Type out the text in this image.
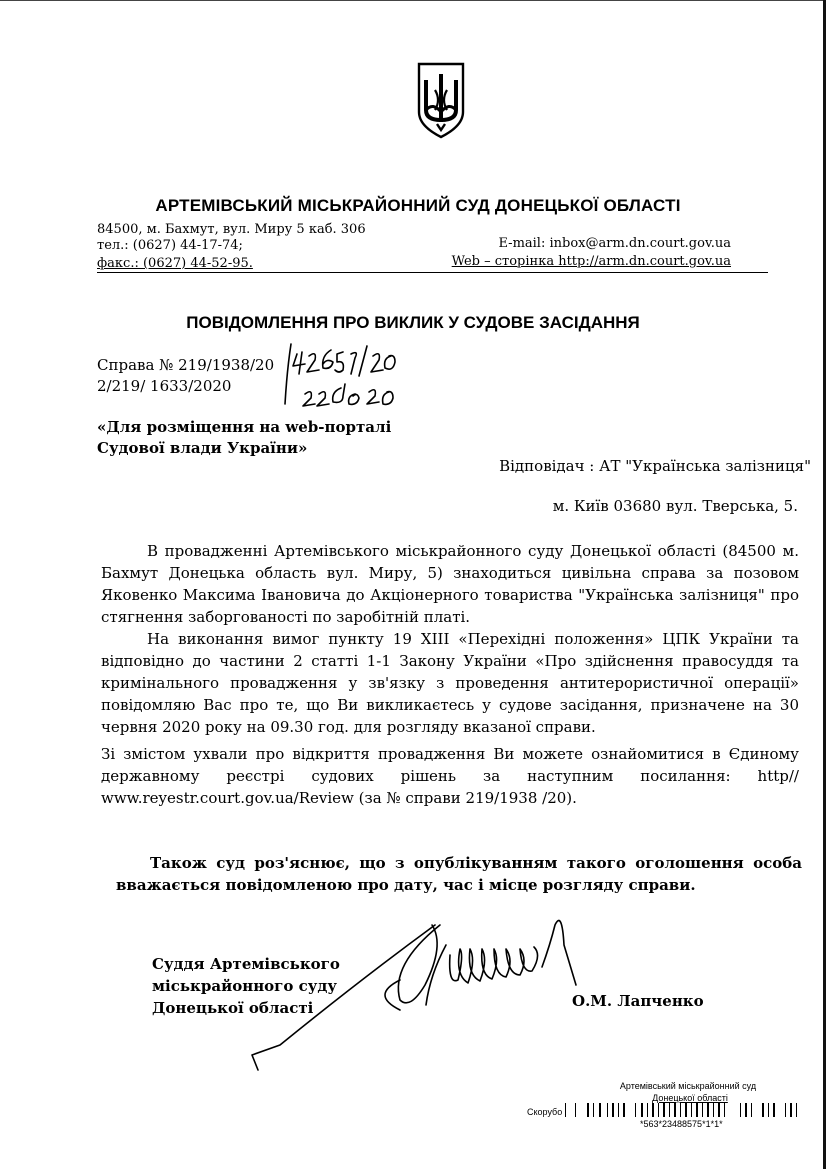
АРТЕМІВСЬКИЙ МІСЬКРАЙОННИЙ СУД ДОНЕЦЬКОЇ ОБЛАСТІ
84500, м. Бахмут, вул. Миру 5 каб. 306
тел.: (0627) 44-17-74;
факс.: (0627) 44-52-95.
E-mail: inbox@arm.dn.court.gov.ua
Web – сторінка http://arm.dn.court.gov.ua
ПОВІДОМЛЕННЯ ПРО ВИКЛИК У СУДОВЕ ЗАСІДАННЯ
Справа № 219/1938/20
2/219/ 1633/2020
«Для розміщення на web-порталі
Судової влади України»
Відповідач : АТ "Українська залізниця"
м. Київ 03680 вул. Тверська, 5.
В провадженні Артемівського міськрайонного суду Донецької області (84500 м. Бахмут Донецька область вул. Миру, 5) знаходиться цивільна справа за позовом Яковенко Максима Івановича до Акціонерного товариства "Українська залізниця" про стягнення заборгованості по заробітній платі.
На виконання вимог пункту 19 XIII «Перехідні положення» ЦПК України та відповідно до частини 2 статті 1-1 Закону України «Про здійснення правосуддя та кримінального провадження у зв'язку з проведення антитерористичної операції» повідомляю Вас про те, що Ви викликаєтесь у судове засідання, призначене на 30 червня 2020 року на 09.30 год. для розгляду вказаної справи.
Зі змістом ухвали про відкриття провадження Ви можете ознайомитися в Єдиному державному реєстрі судових рішень за наступним посилання: http// www.reyestr.court.gov.ua/Review (за № справи 219/1938 /20).
Також суд роз'яснює, що з опублікуванням такого оголошення особа вважається повідомленою про дату, час і місце розгляду справи.
Суддя Артемівського
міськрайонного суду
Донецької області	О.М. Лапченко
Артемівський міськрайонний суд
Донецької області
Скорубо
*563*23488575*1*1*
